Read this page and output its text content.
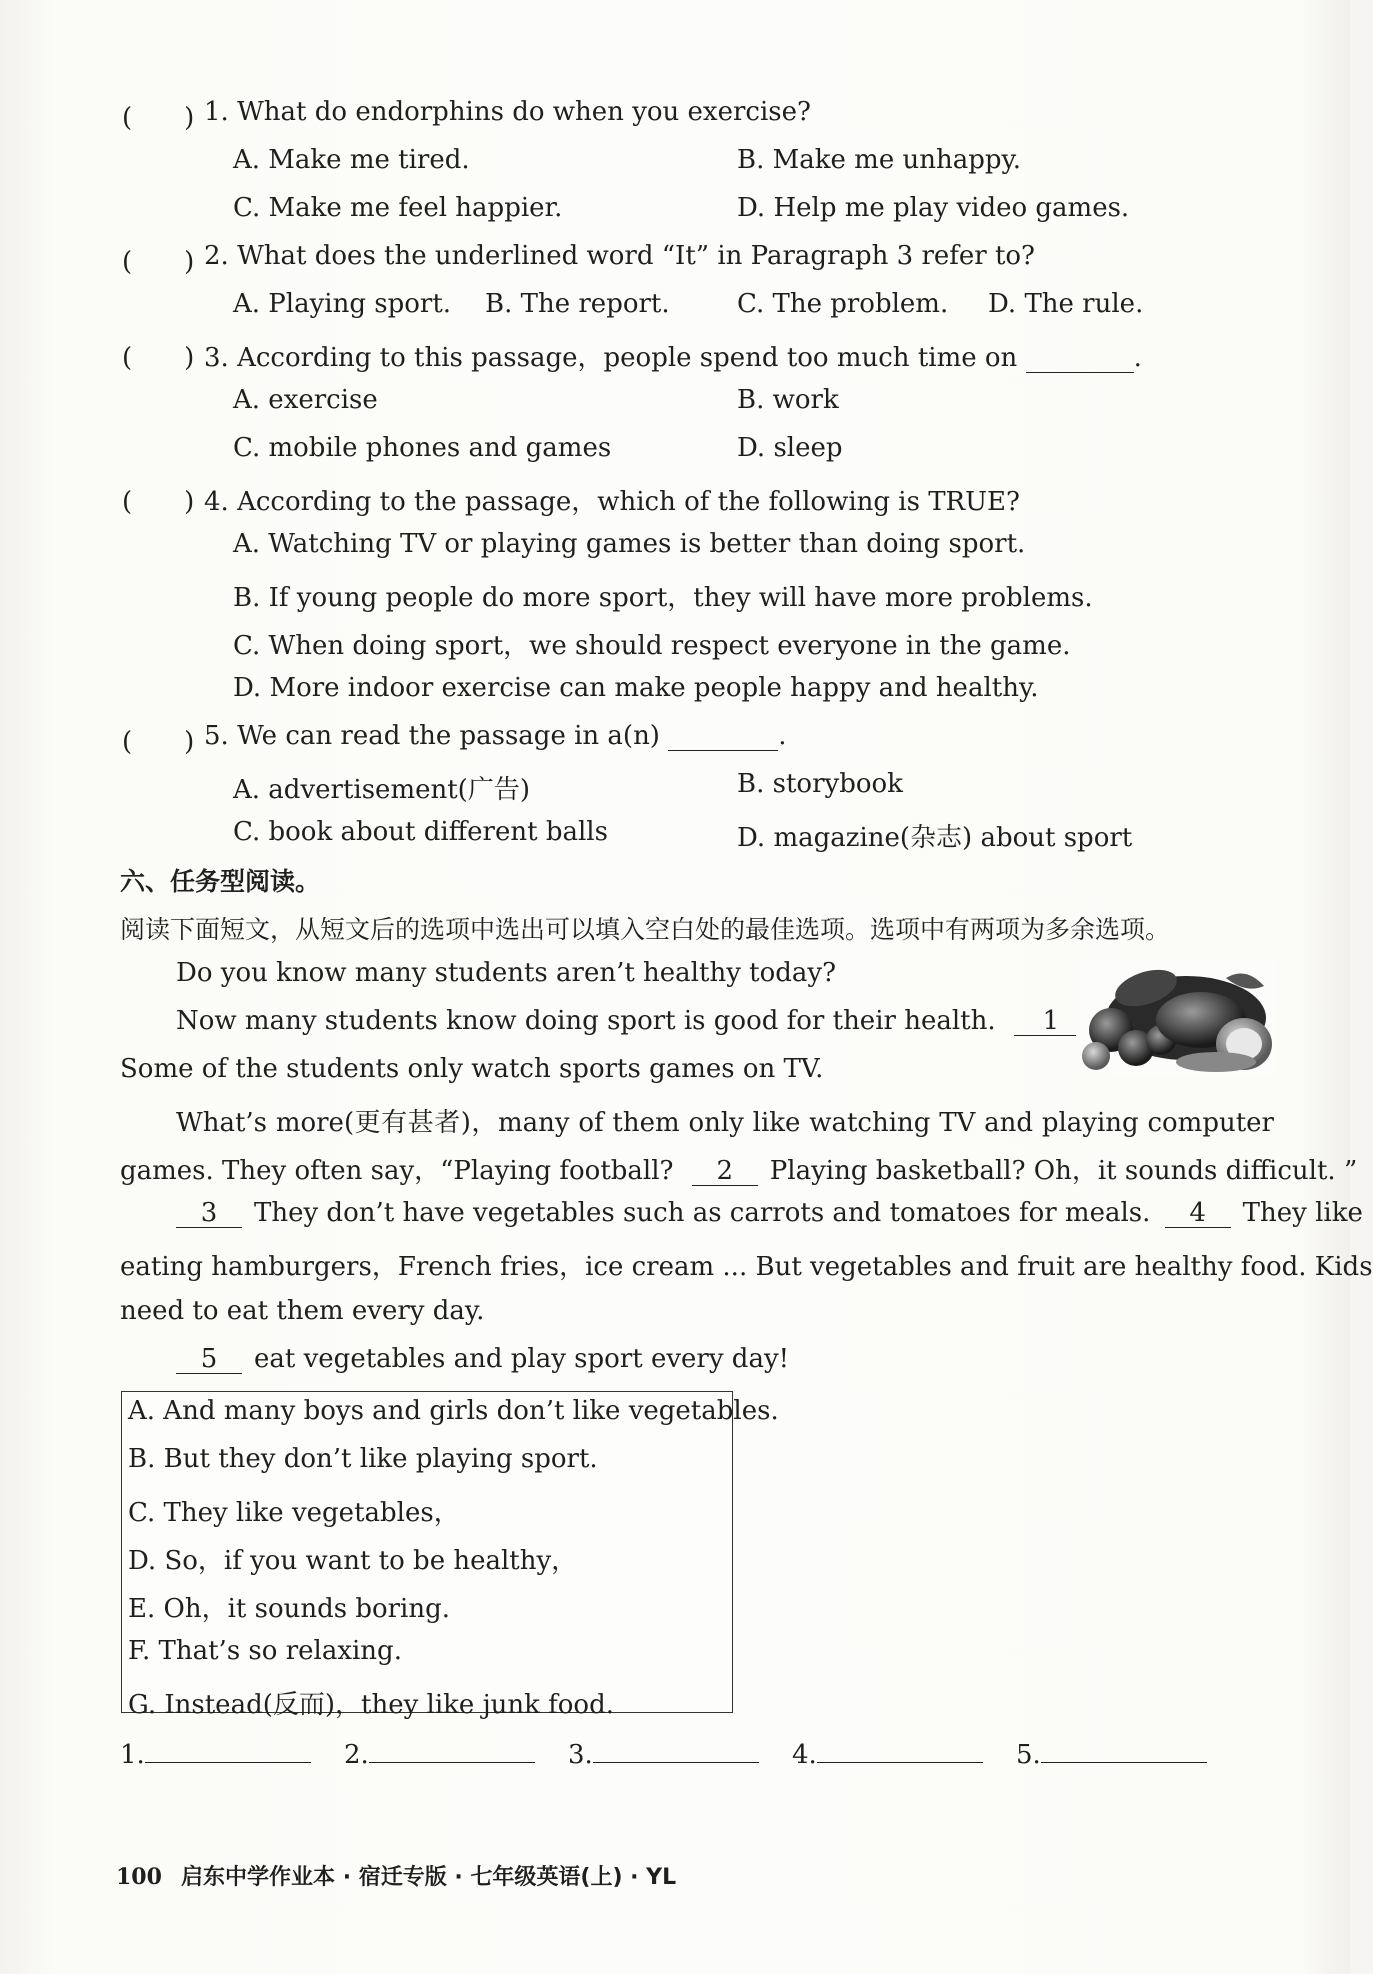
(　　) 1. What do endorphins do when you exercise?
A. Make me tired.	B. Make me unhappy.
C. Make me feel happier.	D. Help me play video games.
(　　) 2. What does the underlined word “It” in Paragraph 3 refer to?
A. Playing sport. B. The report.	C. The problem. D. The rule.
(　　) 3. According to this passage，people spend too much time on	.
A. exercise	B. work
C. mobile phones and games	D. sleep
(　　) 4. According to the passage，which of the following is TRUE?
A. Watching TV or playing games is better than doing sport.
B. If young people do more sport，they will have more problems.
C. When doing sport，we should respect everyone in the game.
D. More indoor exercise can make people happy and healthy.
(　　) 5. We can read the passage in a(n)	.
A. advertisement(广告)	B. storybook
C. book about different balls	D. magazine(杂志) about sport
六、任务型阅读。
阅读下面短文，从短文后的选项中选出可以填入空白处的最佳选项。选项中有两项为多余选项。
Do you know many students aren’t healthy today?
Now many students know doing sport is good for their health. 1
Some of the students only watch sports games on TV.
What’s more(更有甚者)，many of them only like watching TV and playing computer
games. They often say，“Playing football? 2 Playing basketball? Oh，it sounds difficult. ”
3 They don’t have vegetables such as carrots and tomatoes for meals. 4 They like
eating hamburgers，French fries，ice cream ... But vegetables and fruit are healthy food. Kids
need to eat them every day.
5 eat vegetables and play sport every day!
A. And many boys and girls don’t like vegetables.
B. But they don’t like playing sport.
C. They like vegetables，
D. So，if you want to be healthy，
E. Oh，it sounds boring.
F. That’s so relaxing.
G. Instead(反而)，they like junk food.
1.	2.	3.	4.	5.
100 启东中学作业本 · 宿迁专版 · 七年级英语(上) · YL
